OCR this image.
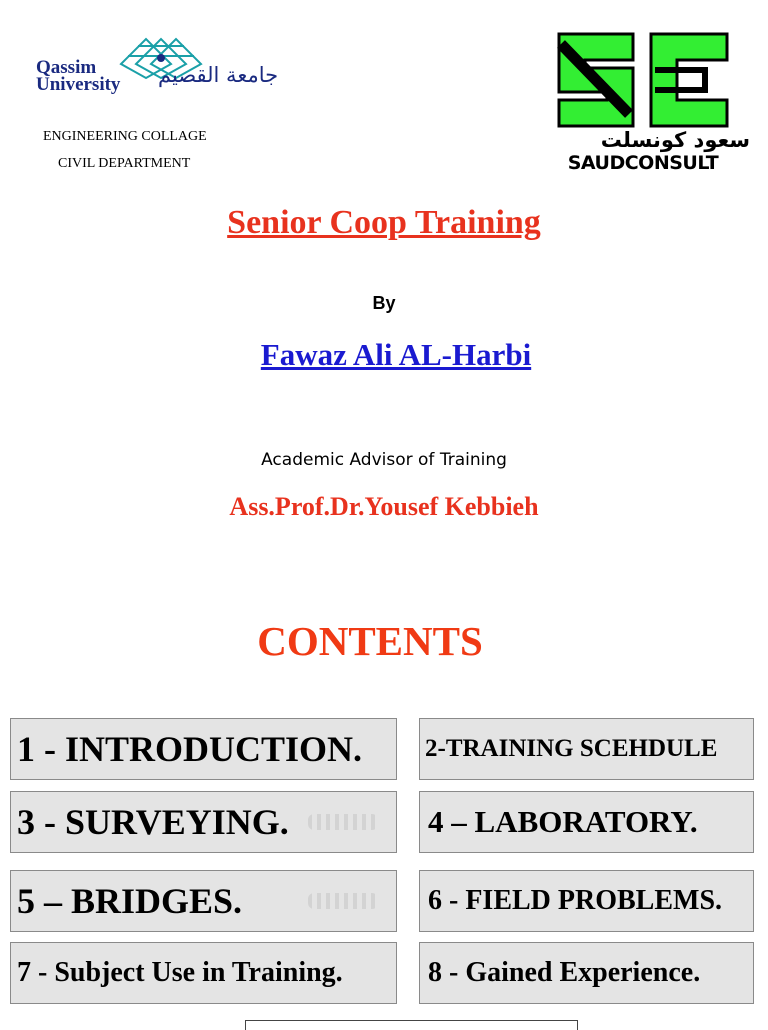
Qassim
University جامعة القصيم
ENGINEERING COLLAGE
CIVIL DEPARTMENT
سعود كونسلت
SAUDCONSULT
Senior Coop Training
By
Fawaz Ali AL-Harbi
Academic Advisor of Training
Ass.Prof.Dr.Yousef Kebbieh
CONTENTS
1 - INTRODUCTION.	2-TRAINING SCEHDULE
3 - SURVEYING.	4 – LABORATORY.
5 – BRIDGES.	6 - FIELD PROBLEMS.
7 - Subject Use in Training.	8 - Gained Experience.
